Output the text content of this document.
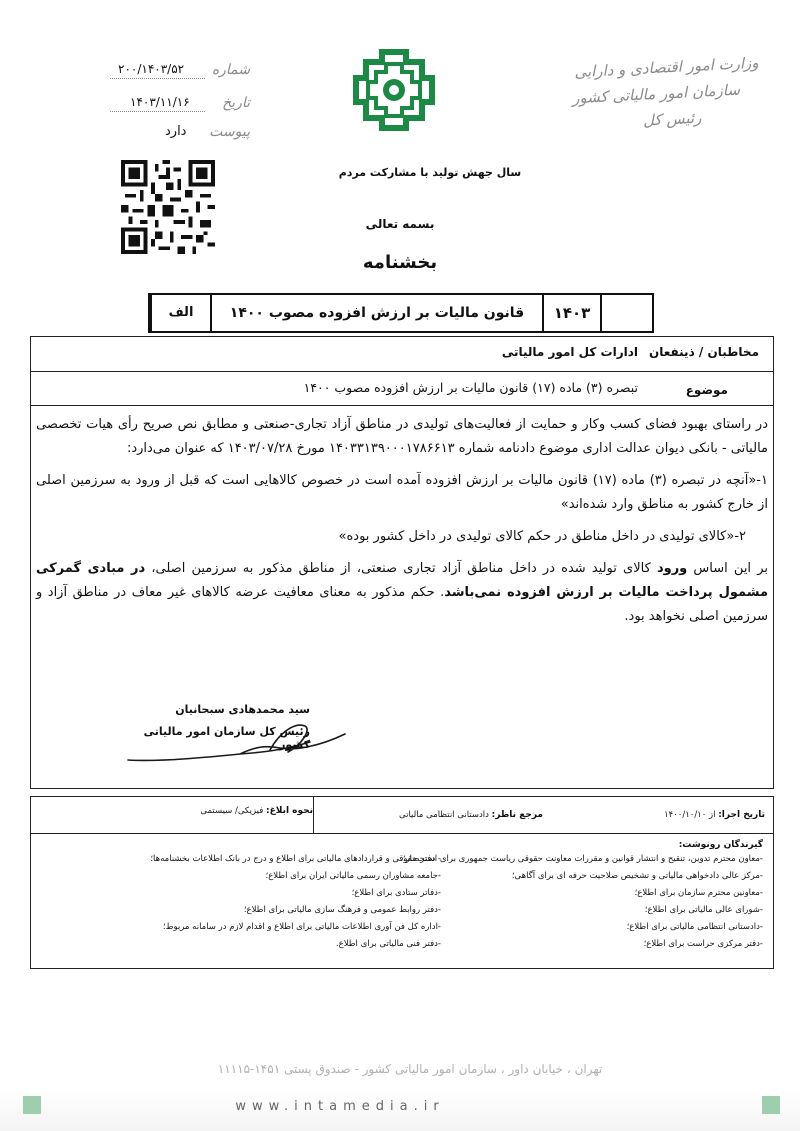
وزارت امور اقتصادی و دارایی
سازمان امور مالیاتی کشور
رئیس کل
شماره
۲۰۰/۱۴۰۳/۵۲
تاریخ
۱۴۰۳/۱۱/۱۶
پیوست
دارد
سال جهش تولید با مشارکت مردم
بسمه تعالی
بخشنامه
الف	قانون مالیات بر ارزش افزوده مصوب ۱۴۰۰	۱۴۰۳
مخاطبان / ذینفعان
ادارات کل امور مالیاتی
موضوع
تبصره (۳) ماده (۱۷) قانون مالیات بر ارزش افزوده مصوب ۱۴۰۰

در راستای بهبود فضای کسب وکار و حمایت از فعالیت‌های تولیدی در مناطق آزاد تجاری-صنعتی و مطابق نص صریح رأی هیات تخصصی مالیاتی - بانکی دیوان عدالت اداری موضوع دادنامه شماره ۱۴۰۳۳۱۳۹۰۰۰۱۷۸۶۶۱۳ مورخ ۱۴۰۳/۰۷/۲۸ که عنوان می‌دارد:

۱-«آنچه در تبصره (۳) ماده (۱۷) قانون مالیات بر ارزش افزوده آمده است در خصوص کالاهایی است که قبل از ورود به سرزمین اصلی از خارج کشور به مناطق وارد شده‌اند»

۲-«کالای تولیدی در داخل مناطق در حکم کالای تولیدی در داخل کشور بوده»

بر این اساس ورود کالای تولید شده در داخل مناطق آزاد تجاری صنعتی، از مناطق مذکور به سرزمین اصلی، در مبادی گمرکی مشمول پرداخت مالیات بر ارزش افزوده نمی‌باشد. حکم مذکور به معنای معافیت عرضه کالاهای غیر معاف در مناطق آزاد و سرزمین اصلی نخواهد بود.

سید محمدهادی سبحانیان
رئیس کل سازمان امور مالیاتی کشور
تاریخ اجرا: از ۱۴۰۰/۱۰/۱۰
مرجع ناظر: دادستانی انتظامی مالیاتی
نحوه ابلاغ: فیزیکی/ سیستمی
گیرندگان رونوشت:
-معاون محترم تدوین، تنقیح و انتشار قوانین و مقررات معاونت حقوقی ریاست جمهوری برای استحضار؛
-مرکز عالی دادخواهی مالیاتی و تشخیص صلاحیت حرفه ای برای آگاهی؛
-معاونین محترم سازمان برای اطلاع؛
-شورای عالی مالیاتی برای اطلاع؛
-دادستانی انتظامی مالیاتی برای اطلاع؛
-دفتر مرکزی حراست برای اطلاع؛
- دفتر حقوقی و قراردادهای مالیاتی برای اطلاع و درج در بانک اطلاعات بخشنامه‌ها؛
-جامعه مشاوران رسمی مالیاتی ایران برای اطلاع؛
-دفاتر ستادی برای اطلاع؛
-دفتر روابط عمومی و فرهنگ سازی مالیاتی برای اطلاع؛
-اداره کل فن آوری اطلاعات مالیاتی برای اطلاع و اقدام لازم در سامانه مربوط؛
-دفتر فنی مالیاتی برای اطلاع.
تهران ، خیابان داور ، سازمان امور مالیاتی کشور - صندوق پستی ۱۴۵۱-۱۱۱۱۵
www.intamedia.ir
